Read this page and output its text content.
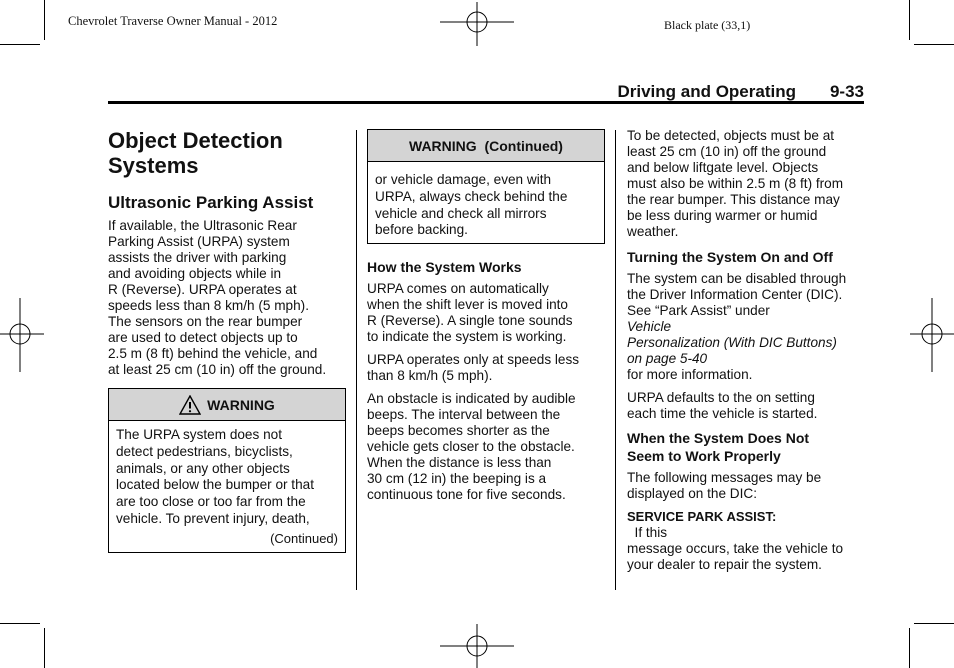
Chevrolet Traverse Owner Manual - 2012	Black plate (33,1)
Driving and Operating 9-33
Object Detection
Systems
Ultrasonic Parking Assist
If available, the Ultrasonic Rear
Parking Assist (URPA) system
assists the driver with parking
and avoiding objects while in
R (Reverse). URPA operates at
speeds less than 8 km/h (5 mph).
The sensors on the rear bumper
are used to detect objects up to
2.5 m (8 ft) behind the vehicle, and
at least 25 cm (10 in) off the ground.
WARNING
The URPA system does not
detect pedestrians, bicyclists,
animals, or any other objects
located below the bumper or that
are too close or too far from the
vehicle. To prevent injury, death,
(Continued)
WARNING  (Continued)
or vehicle damage, even with
URPA, always check behind the
vehicle and check all mirrors
before backing.
How the System Works
URPA comes on automatically
when the shift lever is moved into
R (Reverse). A single tone sounds
to indicate the system is working.
URPA operates only at speeds less
than 8 km/h (5 mph).
An obstacle is indicated by audible
beeps. The interval between the
beeps becomes shorter as the
vehicle gets closer to the obstacle.
When the distance is less than
30 cm (12 in) the beeping is a
continuous tone for five seconds.
To be detected, objects must be at
least 25 cm (10 in) off the ground
and below liftgate level. Objects
must also be within 2.5 m (8 ft) from
the rear bumper. This distance may
be less during warmer or humid
weather.
Turning the System On and Off
The system can be disabled through
the Driver Information Center (DIC).
See “Park Assist” under
Vehicle
Personalization (With DIC Buttons)
on page 5-40
for more information.
URPA defaults to the on setting
each time the vehicle is started.
When the System Does Not
Seem to Work Properly
The following messages may be
displayed on the DIC:
SERVICE PARK ASSIST:
If this
message occurs, take the vehicle to
your dealer to repair the system.
